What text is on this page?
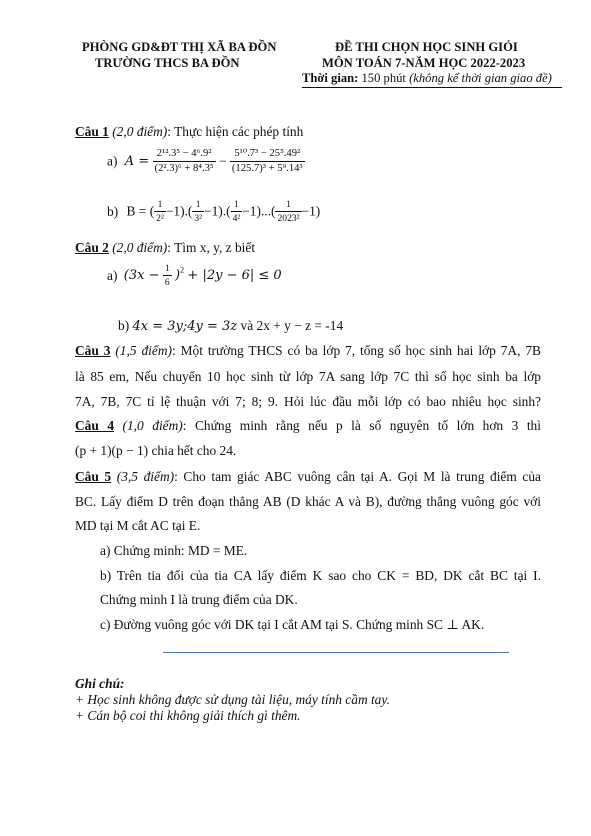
PHÒNG GD&ĐT THỊ XÃ BA ĐỒN
TRƯỜNG THCS BA ĐỒN
ĐỀ THI CHỌN HỌC SINH GIỎI
MÔN TOÁN 7-NĂM HỌC 2022-2023
Thời gian: 150 phút (không kể thời gian giao đề)
Câu 1 (2,0 điểm): Thực hiện các phép tính
a) $A = \frac{\text{2¹².3⁵ − 4⁶.9²}}{\text{(2².3)⁶ + 8⁴.3⁵}} - \frac{\text{5¹⁰.7³ − 25⁵.49²}}{\text{(125.7)³ + 5⁹.14³}}$
b) B = ( $\frac{1}{\text{2²}} -1).( \frac{1}{\text{3²}} -1).( \frac{1}{\text{4²}} -1)...( \frac{1}{\text{2023²}} -1)$
Câu 2 (2,0 điểm): Tìm x, y, z biết
a) $(3x - \frac{1}{6} )^2 + |2y - 6| \le 0$
b) 4x = 3y;4y = 3z và 2x + y − z = -14
Câu 3 (1,5 điểm): Một trường THCS có ba lớp 7, tổng số học sinh hai lớp 7A, 7B
là 85 em, Nếu chuyển 10 học sinh từ lớp 7A sang lớp 7C thì số học sinh ba lớp
7A, 7B, 7C tỉ lệ thuận với 7; 8; 9. Hỏi lúc đầu mỗi lớp có bao nhiêu học sinh?
Câu 4 (1,0 điểm): Chứng minh rằng nếu p là số nguyên tố lớn hơn 3 thì
(p + 1)(p − 1) chia hết cho 24.
Câu 5 (3,5 điểm): Cho tam giác ABC vuông cân tại A. Gọi M là trung điểm của
BC. Lấy điểm D trên đoạn thẳng AB (D khác A và B), đường thẳng vuông góc với
MD tại M cắt AC tại E.
a) Chứng minh: MD = ME.
b) Trên tia đối của tia CA lấy điểm K sao cho CK = BD, DK cắt BC tại I.
Chứng minh I là trung điểm của DK.
c) Đường vuông góc với DK tại I cắt AM tại S. Chứng minh SC ⊥ AK.
Ghi chú:
+ Học sinh không được sử dụng tài liệu, máy tính cầm tay.
+ Cán bộ coi thi không giải thích gì thêm.
